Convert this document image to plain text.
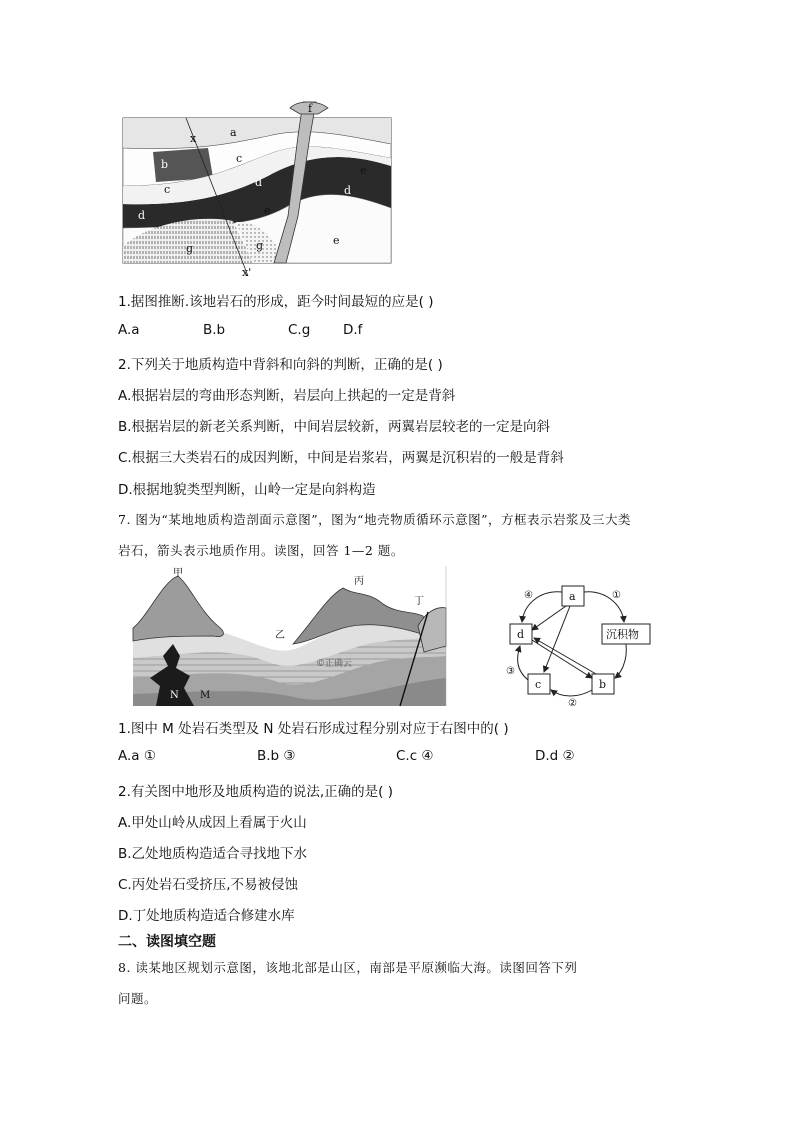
a
x
b	c
c
d
d
d
e
e
e
f
g	g
x'
1.据图推断.该地岩石的形成，距今时间最短的应是( )
A.a	B.b	C.g D.f
2.下列关于地质构造中背斜和向斜的判断，正确的是( )
A.根据岩层的弯曲形态判断，岩层向上拱起的一定是背斜
B.根据岩层的新老关系判断，中间岩层较新，两翼岩层较老的一定是向斜
C.根据三大类岩石的成因判断，中间是岩浆岩，两翼是沉积岩的一般是背斜
D.根据地貌类型判断，山岭一定是向斜构造
7. 图为“某地地质构造剖面示意图”，图为“地壳物质循环示意图”，方框表示岩浆及三大类
岩石，箭头表示地质作用。读图，回答 1—2 题。
甲
乙
丙
丁
N M
©正确云
a
d	沉积物
c	b
①
②
③
④
1.图中 M 处岩石类型及 N 处岩石形成过程分别对应于右图中的( )
A.a ①	B.b ③	C.c ④	D.d ②
2.有关图中地形及地质构造的说法,正确的是( )
A.甲处山岭从成因上看属于火山
B.乙处地质构造适合寻找地下水
C.丙处岩石受挤压,不易被侵蚀
D.丁处地质构造适合修建水库
二、读图填空题
8. 读某地区规划示意图，该地北部是山区，南部是平原濒临大海。读图回答下列
问题。
